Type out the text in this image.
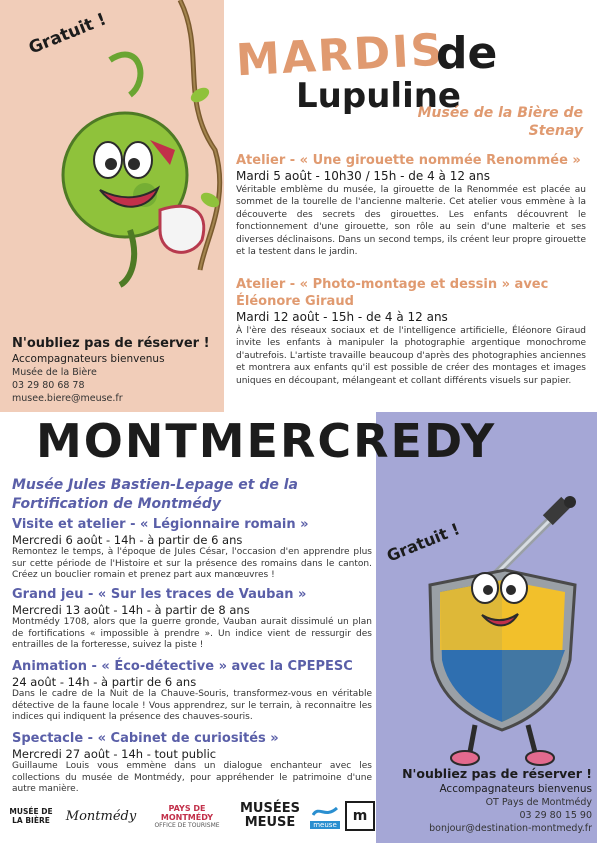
Gratuit !	MARDIS
de
Lupuline
Musée de la Bière de Stenay
Atelier - « Une girouette nommée Renommée »
Mardi 5 août - 10h30 / 15h - de 4 à 12 ans
Véritable emblème du musée, la girouette de la Renommée est placée au sommet de la tourelle de l'ancienne malterie. Cet atelier vous emmène à la découverte des secrets des girouettes. Les enfants découvrent le fonctionnement d'une girouette, son rôle au sein d'une malterie et ses diverses déclinaisons. Dans un second temps, ils créent leur propre girouette et la testent dans le jardin.
Atelier - « Photo-montage et dessin » avec Éléonore Giraud
Mardi 12 août - 15h - de 4 à 12 ans
À l'ère des réseaux sociaux et de l'intelligence artificielle, Éléonore Giraud invite les enfants à manipuler la photographie argentique monochrome d'autrefois. L'artiste travaille beaucoup d'après des photographies anciennes et montrera aux enfants qu'il est possible de créer des montages et images uniques en découpant, mélangeant et collant différents visuels sur papier.
N'oubliez pas de réserver !
Accompagnateurs bienvenus
Musée de la Bière
03 29 80 68 78
musee.biere@meuse.fr
MONTMERCREDY
Musée Jules Bastien-Lepage et de la Fortification de Montmédy
Visite et atelier - « Légionnaire romain »
Mercredi 6 août - 14h - à partir de 6 ans
Remontez le temps, à l'époque de Jules César, l'occasion d'en apprendre plus sur cette période de l'Histoire et sur la présence des romains dans le canton. Créez un bouclier romain et prenez part aux manœuvres !
Grand jeu - « Sur les traces de Vauban »
Mercredi 13 août - 14h - à partir de 8 ans
Montmédy 1708, alors que la guerre gronde, Vauban aurait dissimulé un plan de fortifications « impossible à prendre ». Un indice vient de ressurgir des entrailles de la forteresse, suivez la piste !
Animation - « Éco-détective » avec la CPEPESC
24 août - 14h - à partir de 6 ans
Dans le cadre de la Nuit de la Chauve-Souris, transformez-vous en véritable détective de la faune locale ! Vous apprendrez, sur le terrain, à reconnaitre les indices qui indiquent la présence des chauves-souris.
Spectacle - « Cabinet de curiosités »
Mercredi 27 août - 14h - tout public
Guillaume Louis vous emmène dans un dialogue enchanteur avec les collections du musée de Montmédy, pour appréhender le patrimoine d'une autre manière.
Gratuit !
N'oubliez pas de réserver !
Accompagnateurs bienvenus
OT Pays de Montmédy
03 29 80 15 90
bonjour@destination-montmedy.fr
MUSÉE DE LA BIÈRE	Montmédy
PAYS DE MONTMÉDY
OFFICE DE TOURISME
MUSÉES MEUSE	meuse
m
